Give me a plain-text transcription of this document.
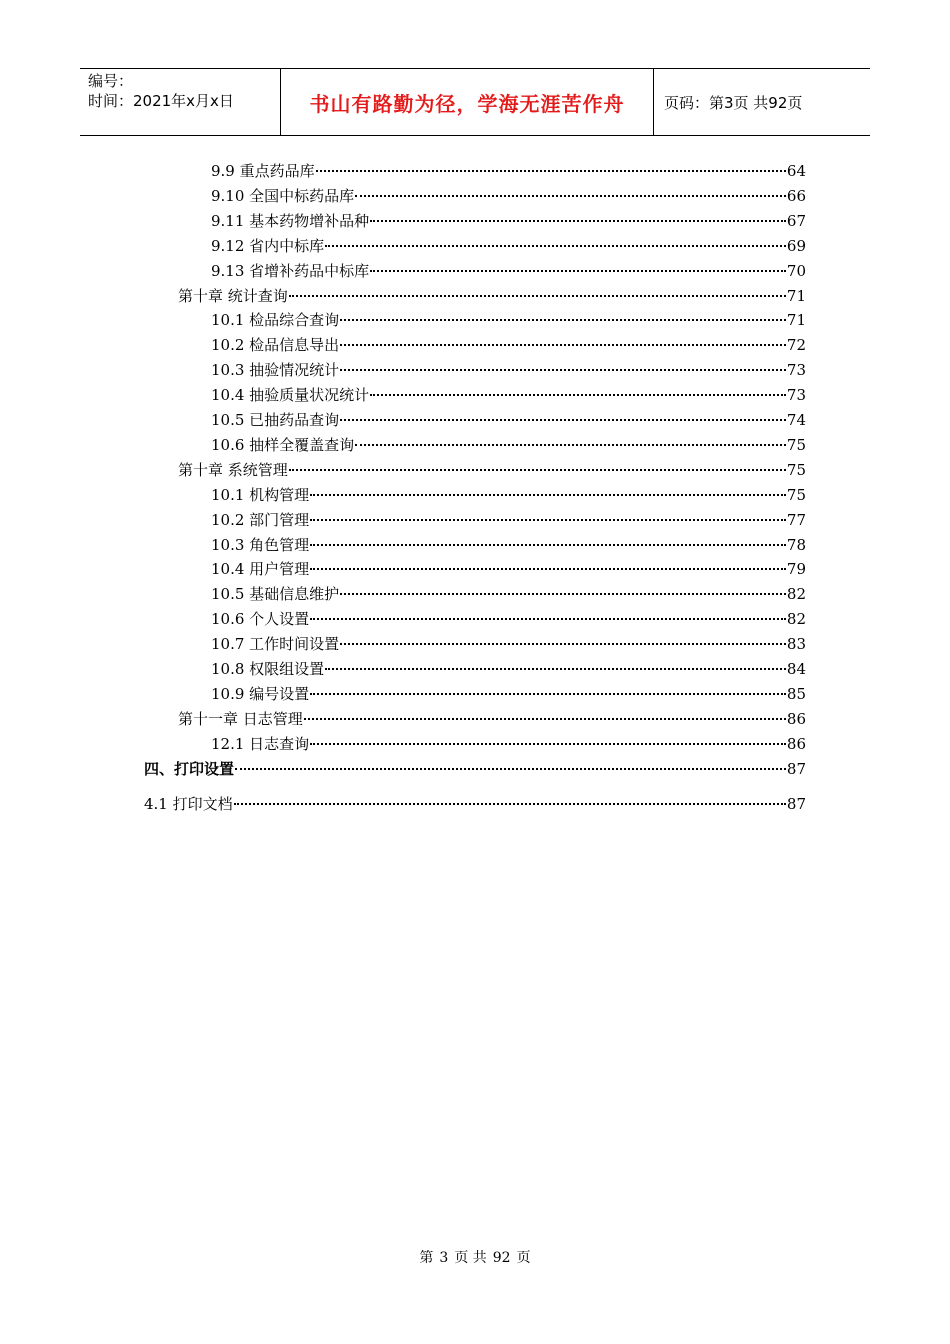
编号：
时间：2021年x月x日	书山有路勤为径，学海无涯苦作舟	页码：第3页 共92页
9.9 重点药品库	64
9.10 全国中标药品库	66
9.11 基本药物增补品种	67
9.12 省内中标库	69
9.13 省增补药品中标库	70
第十章 统计查询	71
10.1 检品综合查询	71
10.2 检品信息导出	72
10.3 抽验情况统计	73
10.4 抽验质量状况统计	73
10.5 已抽药品查询	74
10.6 抽样全覆盖查询	75
第十章 系统管理	75
10.1 机构管理	75
10.2 部门管理	77
10.3 角色管理	78
10.4 用户管理	79
10.5 基础信息维护	82
10.6 个人设置	82
10.7 工作时间设置	83
10.8 权限组设置	84
10.9 编号设置	85
第十一章 日志管理	86
12.1 日志查询	86
四、打印设置	87
4.1 打印文档	87
第 3 页 共 92 页
